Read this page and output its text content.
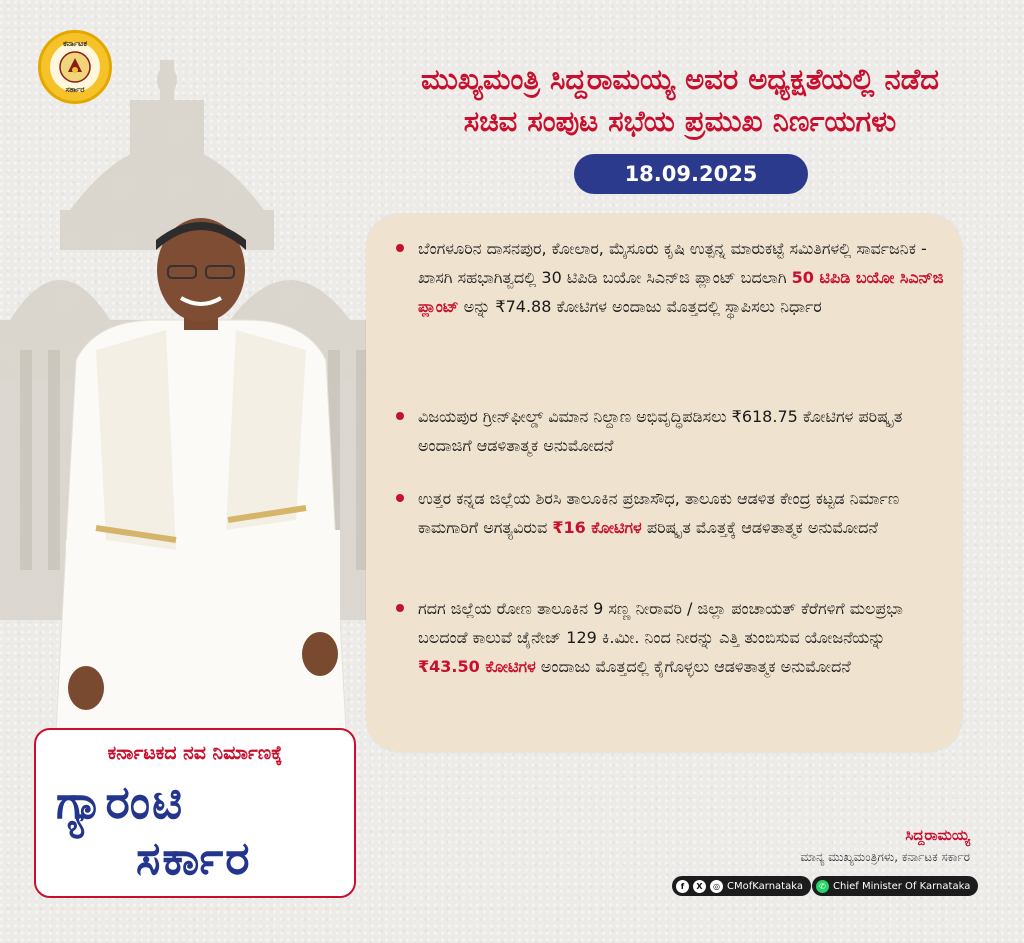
ಕರ್ನಾಟಕ
ಸರ್ಕಾರ	ಮುಖ್ಯಮಂತ್ರಿ ಸಿದ್ದರಾಮಯ್ಯ ಅವರ ಅಧ್ಯಕ್ಷತೆಯಲ್ಲಿ ನಡೆದ
ಸಚಿವ ಸಂಪುಟ ಸಭೆಯ ಪ್ರಮುಖ ನಿರ್ಣಯಗಳು
18.09.2025
ಬೆಂಗಳೂರಿನ ದಾಸನಪುರ, ಕೋಲಾರ, ಮೈಸೂರು ಕೃಷಿ ಉತ್ಪನ್ನ ಮಾರುಕಟ್ಟೆ ಸಮಿತಿಗಳಲ್ಲಿ ಸಾರ್ವಜನಿಕ - ಖಾಸಗಿ ಸಹಭಾಗಿತ್ವದಲ್ಲಿ 30 ಟಿಪಿಡಿ ಬಯೋ ಸಿಎನ್‌ಜಿ ಪ್ಲಾಂಟ್ ಬದಲಾಗಿ 50 ಟಿಪಿಡಿ ಬಯೋ ಸಿಎನ್‌ಜಿ ಪ್ಲಾಂಟ್ ಅನ್ನು ₹74.88 ಕೋಟಿಗಳ ಅಂದಾಜು ಮೊತ್ತದಲ್ಲಿ ಸ್ಥಾಪಿಸಲು ನಿರ್ಧಾರ
ವಿಜಯಪುರ ಗ್ರೀನ್‌ಫೀಲ್ಡ್ ವಿಮಾನ ನಿಲ್ದಾಣ ಅಭಿವೃದ್ಧಿಪಡಿಸಲು ₹618.75 ಕೋಟಿಗಳ ಪರಿಷ್ಕೃತ ಅಂದಾಜಿಗೆ ಆಡಳಿತಾತ್ಮಕ ಅನುಮೋದನೆ
ಉತ್ತರ ಕನ್ನಡ ಜಿಲ್ಲೆಯ ಶಿರಸಿ ತಾಲೂಕಿನ ಪ್ರಜಾಸೌಧ, ತಾಲೂಕು ಆಡಳಿತ ಕೇಂದ್ರ ಕಟ್ಟಡ ನಿರ್ಮಾಣ ಕಾಮಗಾರಿಗೆ ಅಗತ್ಯವಿರುವ ₹16 ಕೋಟಿಗಳ ಪರಿಷ್ಕೃತ ಮೊತ್ತಕ್ಕೆ ಆಡಳಿತಾತ್ಮಕ ಅನುಮೋದನೆ
ಗದಗ ಜಿಲ್ಲೆಯ ರೋಣ ತಾಲೂಕಿನ 9 ಸಣ್ಣ ನೀರಾವರಿ / ಜಿಲ್ಲಾ ಪಂಚಾಯತ್ ಕೆರೆಗಳಿಗೆ ಮಲಪ್ರಭಾ ಬಲದಂಡೆ ಕಾಲುವೆ ಚೈನೇಜ್ 129 ಕಿ.ಮೀ. ನಿಂದ ನೀರನ್ನು ಎತ್ತಿ ತುಂಬಿಸುವ ಯೋಜನೆಯನ್ನು ₹43.50 ಕೋಟಿಗಳ ಅಂದಾಜು ಮೊತ್ತದಲ್ಲಿ ಕೈಗೊಳ್ಳಲು ಆಡಳಿತಾತ್ಮಕ ಅನುಮೋದನೆ
ಕರ್ನಾಟಕದ ನವ ನಿರ್ಮಾಣಕ್ಕೆ
ಗ್ಯಾರಂಟಿ
ಸರ್ಕಾರ	ಸಿದ್ದರಾಮಯ್ಯ
ಮಾನ್ಯ ಮುಖ್ಯಮಂತ್ರಿಗಳು, ಕರ್ನಾಟಕ ಸರ್ಕಾರ
f	X	◎ CMofKarnataka	✆ Chief Minister Of Karnataka
